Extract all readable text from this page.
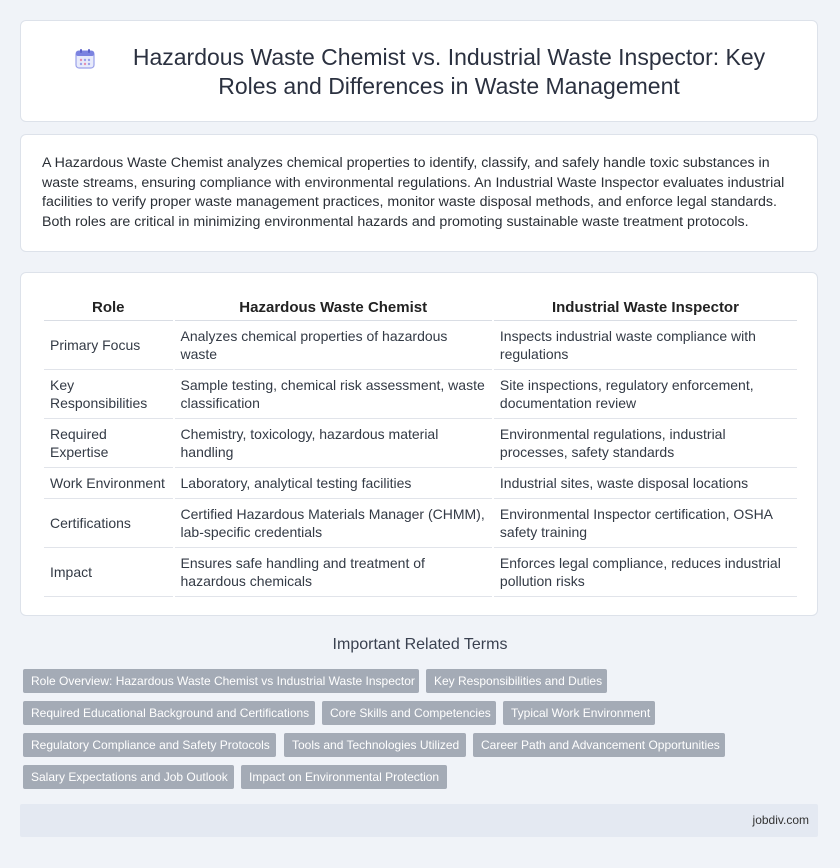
Hazardous Waste Chemist vs. Industrial Waste Inspector: Key Roles and Differences in Waste Management
A Hazardous Waste Chemist analyzes chemical properties to identify, classify, and safely handle toxic substances in waste streams, ensuring compliance with environmental regulations. An Industrial Waste Inspector evaluates industrial facilities to verify proper waste management practices, monitor waste disposal methods, and enforce legal standards. Both roles are critical in minimizing environmental hazards and promoting sustainable waste treatment protocols.
Role	Hazardous Waste Chemist	Industrial Waste Inspector
Primary Focus	Analyzes chemical properties of hazardous waste	Inspects industrial waste compliance with regulations
Key Responsibilities	Sample testing, chemical risk assessment, waste classification	Site inspections, regulatory enforcement, documentation review
Required Expertise	Chemistry, toxicology, hazardous material handling	Environmental regulations, industrial processes, safety standards
Work Environment	Laboratory, analytical testing facilities	Industrial sites, waste disposal locations
Certifications	Certified Hazardous Materials Manager (CHMM), lab-specific credentials	Environmental Inspector certification, OSHA safety training
Impact	Ensures safe handling and treatment of hazardous chemicals	Enforces legal compliance, reduces industrial pollution risks
Important Related Terms
Role Overview: Hazardous Waste Chemist vs Industrial Waste Inspector	Key Responsibilities and Duties
Required Educational Background and Certifications	Core Skills and Competencies	Typical Work Environment
Regulatory Compliance and Safety Protocols	Tools and Technologies Utilized	Career Path and Advancement Opportunities
Salary Expectations and Job Outlook	Impact on Environmental Protection
jobdiv.com
